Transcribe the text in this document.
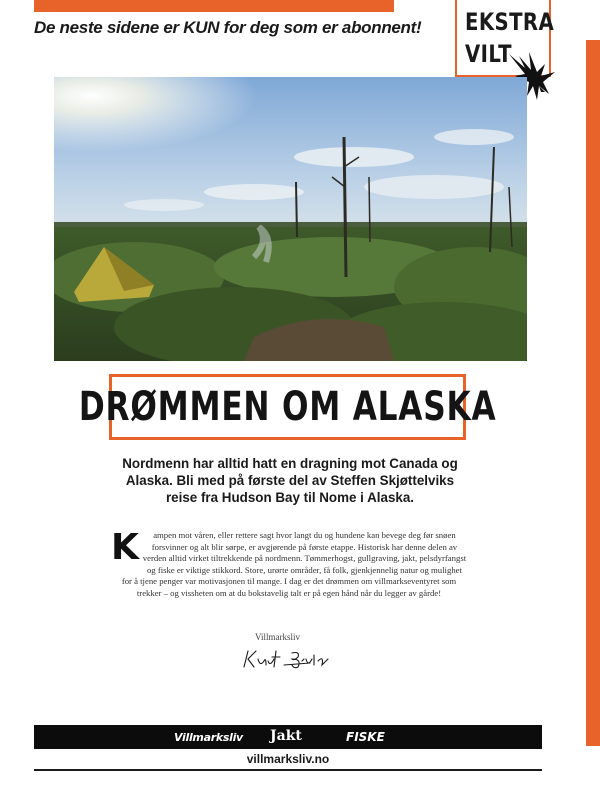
De neste sidene er KUN for deg som er abonnent! EKSTRA
VILT
DRØMMEN OM ALASKA
Nordmenn har alltid hatt en dragning mot Canada og Alaska. Bli med på første del av Steffen Skjøttelviks reise fra Hudson Bay til Nome i Alaska.
K ampen mot våren, eller rettere sagt hvor langt du og hundene kan bevege deg før snøen forsvinner og alt blir sørpe, er avgjørende på første etappe. Historisk har denne delen av verden alltid virket tiltrekkende på nordmenn. Tømmerhogst, gullgraving, jakt, pelsdyrfangst og fiske er viktige stikkord. Store, urørte områder, få folk, gjenkjennelig natur og mulighet for å tjene penger var motivasjonen til mange. I dag er det drømmen om villmarkseventyret som trekker – og vissheten om at du bokstavelig talt er på egen hånd når du legger av gårde!
Villmarksliv
Villmarksliv Jakt	FISKE
villmarksliv.no
